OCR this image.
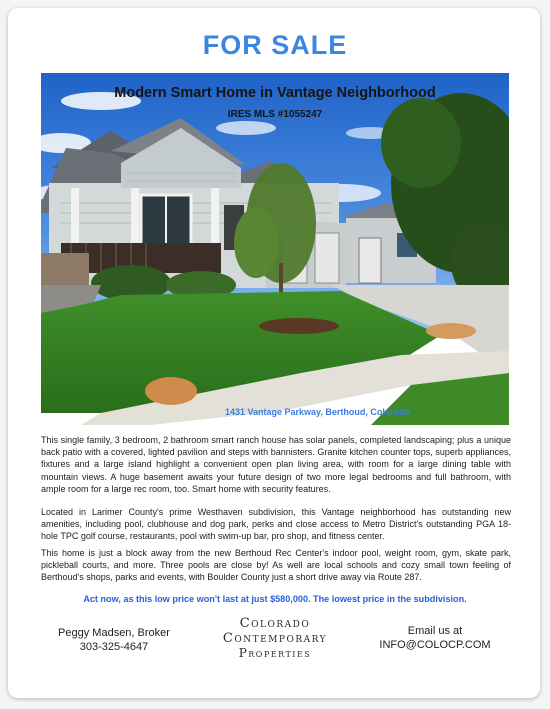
FOR SALE
Modern Smart Home in Vantage Neighborhood
IRES MLS #1055247
1431 Vantage Parkway, Berthoud, Colorado
This single family, 3 bedroom, 2 bathroom smart ranch house has solar panels, completed landscaping; plus a unique back patio with a covered, lighted pavilion and steps with bannisters. Granite kitchen counter tops, superb appliances, fixtures and a large island highlight a convenient open plan living area, with room for a large dining table with mountain views. A huge basement awaits your future design of two more legal bedrooms and full bathroom, with ample room for a large rec room, too. Smart home with security features.
Located in Larimer County's prime Westhaven subdivision, this Vantage neighborhood has outstanding new amenities, including pool, clubhouse and dog park, perks and close access to Metro District's outstanding PGA 18-hole TPC golf course, restaurants, pool with swim-up bar, pro shop, and fitness center.
This home is just a block away from the new Berthoud Rec Center's indoor pool, weight room, gym, skate park, pickleball courts, and more. Three pools are close by! As well are local schools and cozy small town feeling of Berthoud's shops, parks and events, with Boulder County just a short drive away via Route 287.
Act now, as this low price won't last at just $580,000. The lowest price in the subdivision.
Peggy Madsen, Broker
303-325-4647
Colorado
Contemporary
Properties
Email us at
INFO@COLOCP.COM
